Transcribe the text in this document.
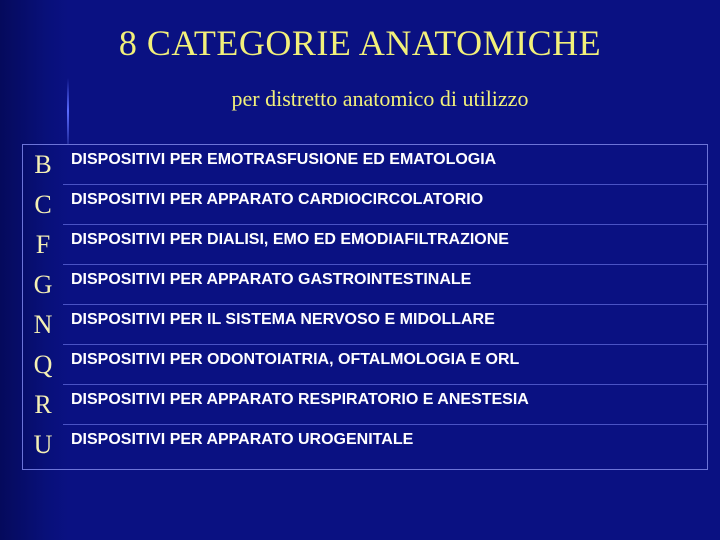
8 CATEGORIE ANATOMICHE
per distretto anatomico di utilizzo
B	DISPOSITIVI PER EMOTRASFUSIONE ED EMATOLOGIA
C	DISPOSITIVI PER APPARATO CARDIOCIRCOLATORIO
F	DISPOSITIVI PER DIALISI, EMO ED EMODIAFILTRAZIONE
G	DISPOSITIVI PER APPARATO GASTROINTESTINALE
N	DISPOSITIVI PER IL SISTEMA NERVOSO E MIDOLLARE
Q	DISPOSITIVI PER ODONTOIATRIA, OFTALMOLOGIA E ORL
R	DISPOSITIVI PER APPARATO RESPIRATORIO E ANESTESIA
U	DISPOSITIVI PER APPARATO UROGENITALE
